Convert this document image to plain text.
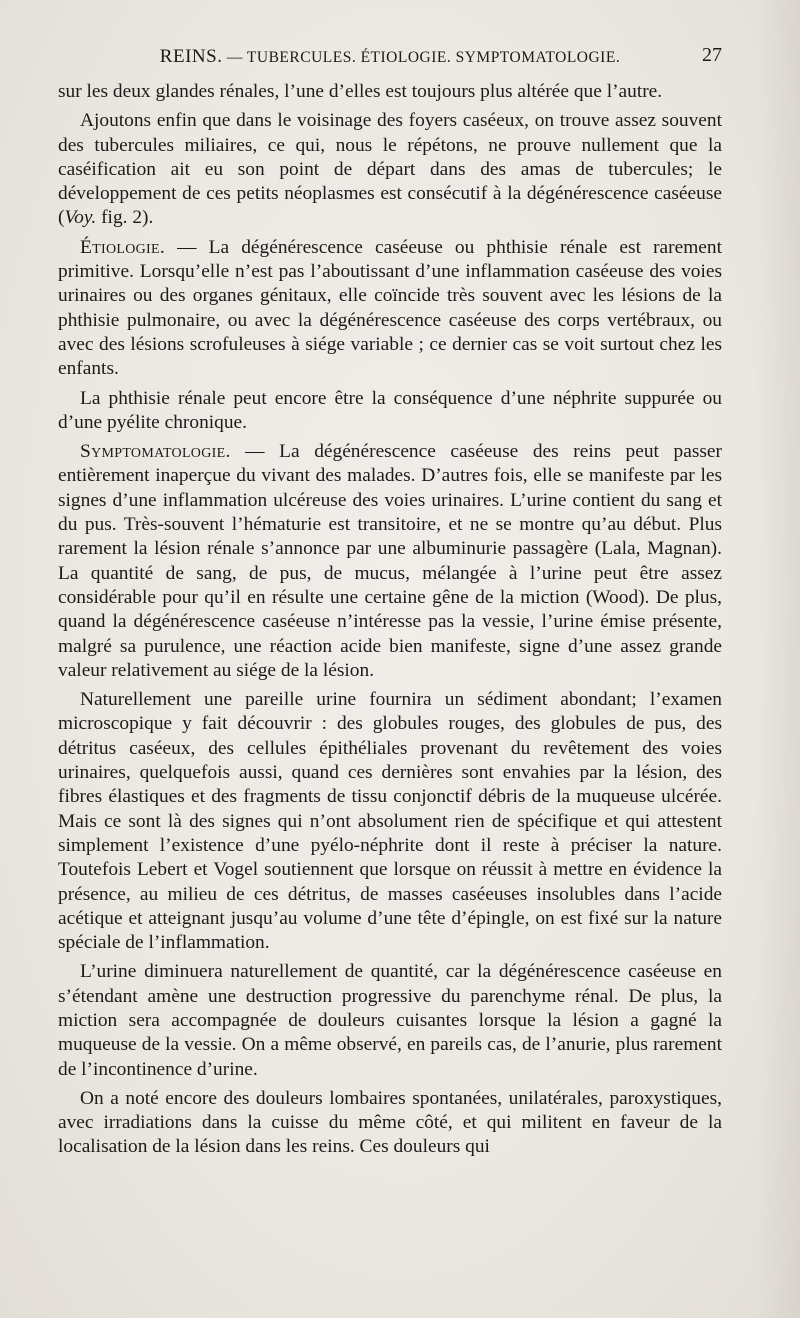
REINS. — TUBERCULES. ÉTIOLOGIE. SYMPTOMATOLOGIE.	27

sur les deux glandes rénales, l’une d’elles est toujours plus altérée que l’autre.

Ajoutons enfin que dans le voisinage des foyers caséeux, on trouve assez souvent des tubercules miliaires, ce qui, nous le répétons, ne prouve nullement que la caséification ait eu son point de départ dans des amas de tubercules; le développement de ces petits néoplasmes est consécutif à la dégénérescence caséeuse (Voy. fig. 2).

Étiologie. — La dégénérescence caséeuse ou phthisie rénale est rarement primitive. Lorsqu’elle n’est pas l’aboutissant d’une inflammation caséeuse des voies urinaires ou des organes génitaux, elle coïncide très souvent avec les lésions de la phthisie pulmonaire, ou avec la dégénérescence caséeuse des corps vertébraux, ou avec des lésions scrofuleuses à siége variable ; ce dernier cas se voit surtout chez les enfants.

La phthisie rénale peut encore être la conséquence d’une néphrite suppurée ou d’une pyélite chronique.

Symptomatologie. — La dégénérescence caséeuse des reins peut passer entièrement inaperçue du vivant des malades. D’autres fois, elle se manifeste par les signes d’une inflammation ulcéreuse des voies urinaires. L’urine contient du sang et du pus. Très-souvent l’hématurie est transitoire, et ne se montre qu’au début. Plus rarement la lésion rénale s’annonce par une albuminurie passagère (Lala, Magnan). La quantité de sang, de pus, de mucus, mélangée à l’urine peut être assez considérable pour qu’il en résulte une certaine gêne de la miction (Wood). De plus, quand la dégénérescence caséeuse n’intéresse pas la vessie, l’urine émise présente, malgré sa purulence, une réaction acide bien manifeste, signe d’une assez grande valeur relativement au siége de la lésion.

Naturellement une pareille urine fournira un sédiment abondant; l’examen microscopique y fait découvrir : des globules rouges, des globules de pus, des détritus caséeux, des cellules épithéliales provenant du revêtement des voies urinaires, quelquefois aussi, quand ces dernières sont envahies par la lésion, des fibres élastiques et des fragments de tissu conjonctif débris de la muqueuse ulcérée. Mais ce sont là des signes qui n’ont absolument rien de spécifique et qui attestent simplement l’existence d’une pyélo-néphrite dont il reste à préciser la nature. Toutefois Lebert et Vogel soutiennent que lorsque on réussit à mettre en évidence la présence, au milieu de ces détritus, de masses caséeuses insolubles dans l’acide acétique et atteignant jusqu’au volume d’une tête d’épingle, on est fixé sur la nature spéciale de l’inflammation.

L’urine diminuera naturellement de quantité, car la dégénérescence caséeuse en s’étendant amène une destruction progressive du parenchyme rénal. De plus, la miction sera accompagnée de douleurs cuisantes lorsque la lésion a gagné la muqueuse de la vessie. On a même observé, en pareils cas, de l’anurie, plus rarement de l’incontinence d’urine.

On a noté encore des douleurs lombaires spontanées, unilatérales, paroxystiques, avec irradiations dans la cuisse du même côté, et qui militent en faveur de la localisation de la lésion dans les reins. Ces douleurs qui
